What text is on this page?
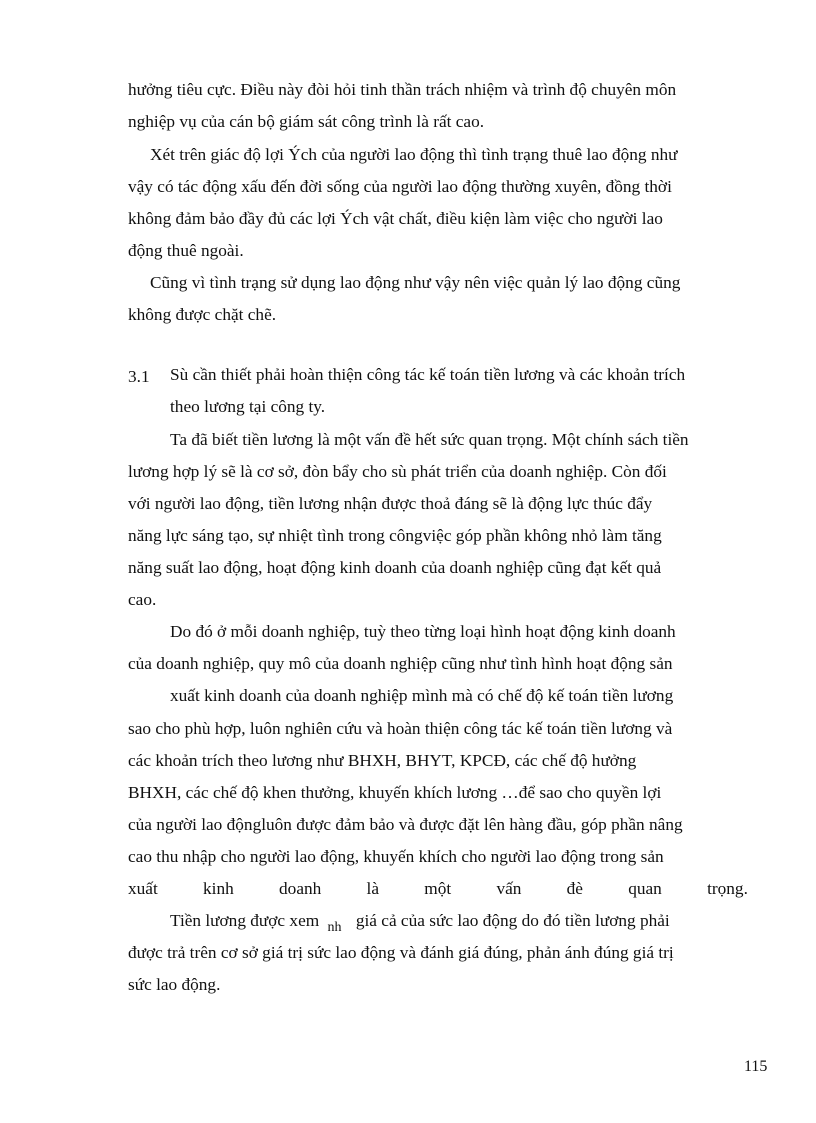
hưởng tiêu cực. Điều này đòi hỏi tinh thần trách nhiệm và trình độ chuyên môn
nghiệp vụ của cán bộ giám sát công trình là rất cao.
Xét trên giác độ lợi Ých của người lao động thì tình trạng thuê lao động như
vậy có tác động xấu đến đời sống của người lao động thường xuyên, đồng thời
không đảm bảo đầy đủ các lợi Ých vật chất, điều kiện làm việc cho người lao
động thuê ngoài.
Cũng vì tình trạng sử dụng lao động như vậy nên việc quản lý lao động cũng
không được chặt chẽ.
3.1 Sù cần thiết phải hoàn thiện công tác kế toán tiền lương và các khoản trích
theo lương tại công ty.
Ta đã biết tiền lương là một vấn đề hết sức quan trọng. Một chính sách tiền
lương hợp lý sẽ là cơ sở, đòn bẩy cho sù phát triển của doanh nghiệp. Còn đối
với người lao động, tiền lương nhận được thoả đáng sẽ là động lực thúc đẩy
năng lực sáng tạo, sự nhiệt tình trong côngviệc góp phần không nhỏ làm tăng
năng suất lao động, hoạt động kinh doanh của doanh nghiệp cũng đạt kết quả
cao.
Do đó ở mỗi doanh nghiệp, tuỳ theo từng loại hình hoạt động kinh doanh
của doanh nghiệp, quy mô của doanh nghiệp cũng như tình hình hoạt động sản
xuất kinh doanh của doanh nghiệp mình mà có chế độ kế toán tiền lương
sao cho phù hợp, luôn nghiên cứu và hoàn thiện công tác kế toán tiền lương và
các khoản trích theo lương như BHXH, BHYT, KPCĐ, các chế độ hưởng
BHXH, các chế độ khen thưởng, khuyến khích lương …để sao cho quyền lợi
của người lao độngluôn được đảm bảo và được đặt lên hàng đầu, góp phần nâng
cao thu nhập cho người lao động, khuyến khích cho người lao động trong sản
xuất	kinh	doanh	là	một	vấn	đè	quan	trọng.
Tiền lương được xem $_{nh}$ giá cả của sức lao động do đó tiền lương phải
được trả trên cơ sở giá trị sức lao động và đánh giá đúng, phản ánh đúng giá trị
sức lao động.
115
